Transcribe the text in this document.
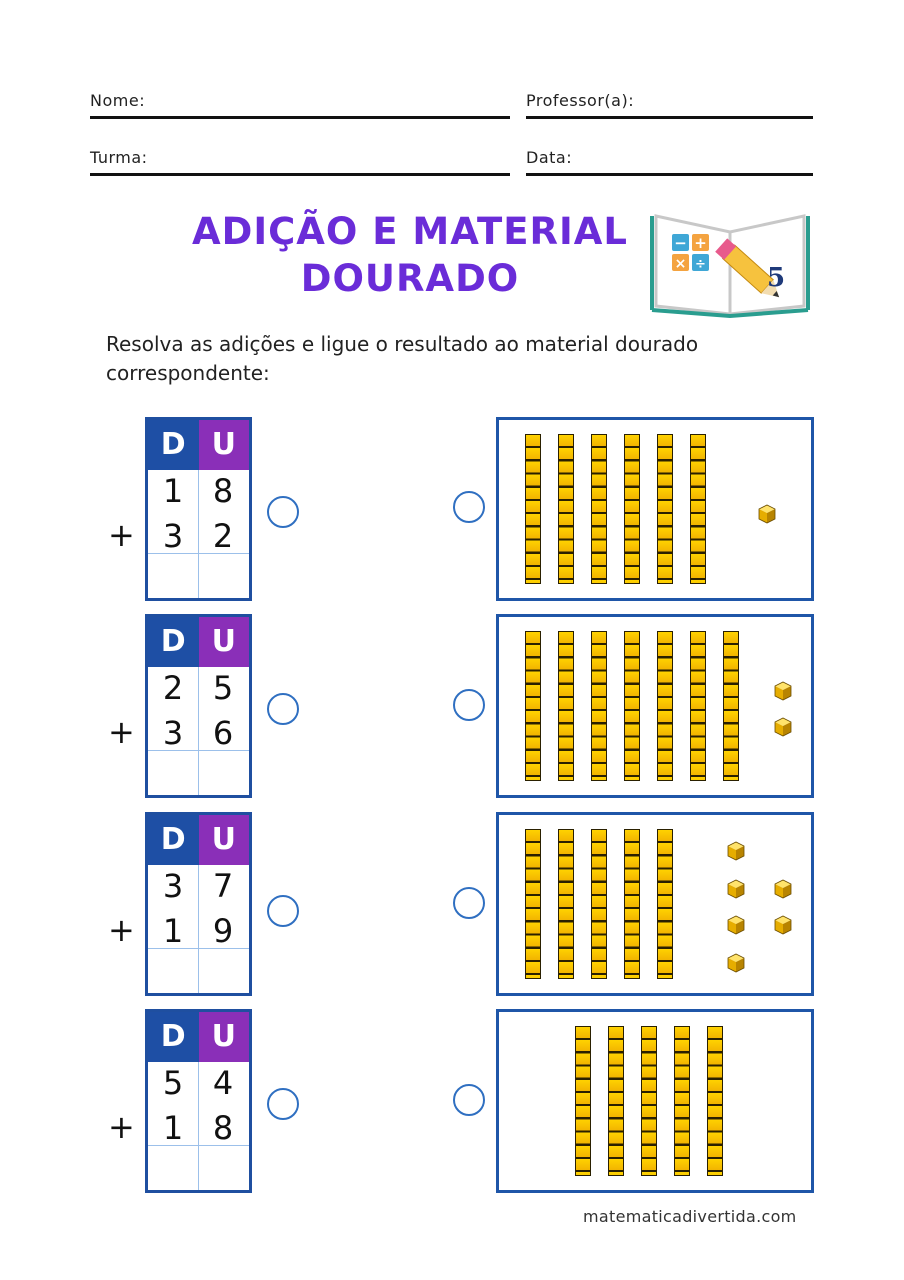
Nome:	Professor(a):
Turma:	Data:
ADIÇÃO E MATERIAL
DOURADO
− +
× ÷ 5
Resolva as adições e ligue o resultado ao material dourado correspondente:
D U
1 8
3 2
+
D U
2 5
3 6
+
D U
3 7
1 9
+
D U
5 4
1 8
+
matematicadivertida.com
